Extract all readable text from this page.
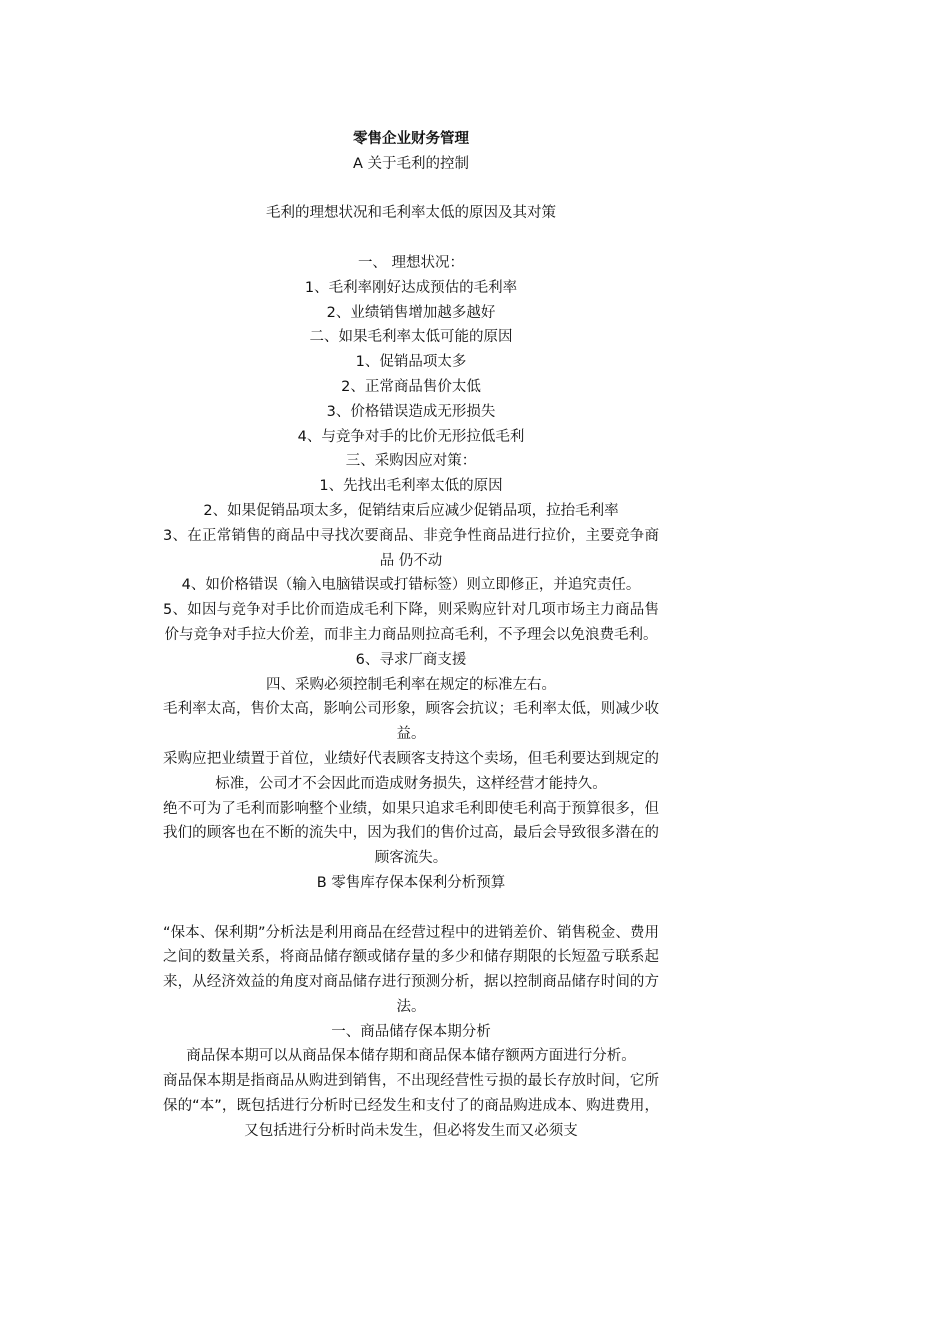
零售企业财务管理

A 关于毛利的控制

毛利的理想状况和毛利率太低的原因及其对策

一、 理想状况：

1、毛利率刚好达成预估的毛利率

2、业绩销售增加越多越好

二、如果毛利率太低可能的原因

1、促销品项太多

2、正常商品售价太低

3、价格错误造成无形损失

4、与竞争对手的比价无形拉低毛利

三、采购因应对策：

1、先找出毛利率太低的原因

2、如果促销品项太多，促销结束后应减少促销品项，拉抬毛利率

3、在正常销售的商品中寻找次要商品、非竞争性商品进行拉价，主要竞争商品 仍不动

4、如价格错误（输入电脑错误或打错标签）则立即修正，并追究责任。

5、如因与竞争对手比价而造成毛利下降，则采购应针对几项市场主力商品售价与竞争对手拉大价差，而非主力商品则拉高毛利，不予理会以免浪费毛利。

6、寻求厂商支援

四、采购必须控制毛利率在规定的标准左右。

毛利率太高，售价太高，影响公司形象，顾客会抗议；毛利率太低，则减少收益。

采购应把业绩置于首位，业绩好代表顾客支持这个卖场，但毛利要达到规定的标准，公司才不会因此而造成财务损失，这样经营才能持久。

绝不可为了毛利而影响整个业绩，如果只追求毛利即使毛利高于预算很多，但我们的顾客也在不断的流失中，因为我们的售价过高，最后会导致很多潜在的顾客流失。

B 零售库存保本保利分析预算

“保本、保利期”分析法是利用商品在经营过程中的进销差价、销售税金、费用之间的数量关系，将商品储存额或储存量的多少和储存期限的长短盈亏联系起来，从经济效益的角度对商品储存进行预测分析，据以控制商品储存时间的方法。

一、商品储存保本期分析

商品保本期可以从商品保本储存期和商品保本储存额两方面进行分析。

商品保本期是指商品从购进到销售，不出现经营性亏损的最长存放时间，它所保的“本”，既包括进行分析时已经发生和支付了的商品购进成本、购进费用，又包括进行分析时尚未发生，但必将发生而又必须支
